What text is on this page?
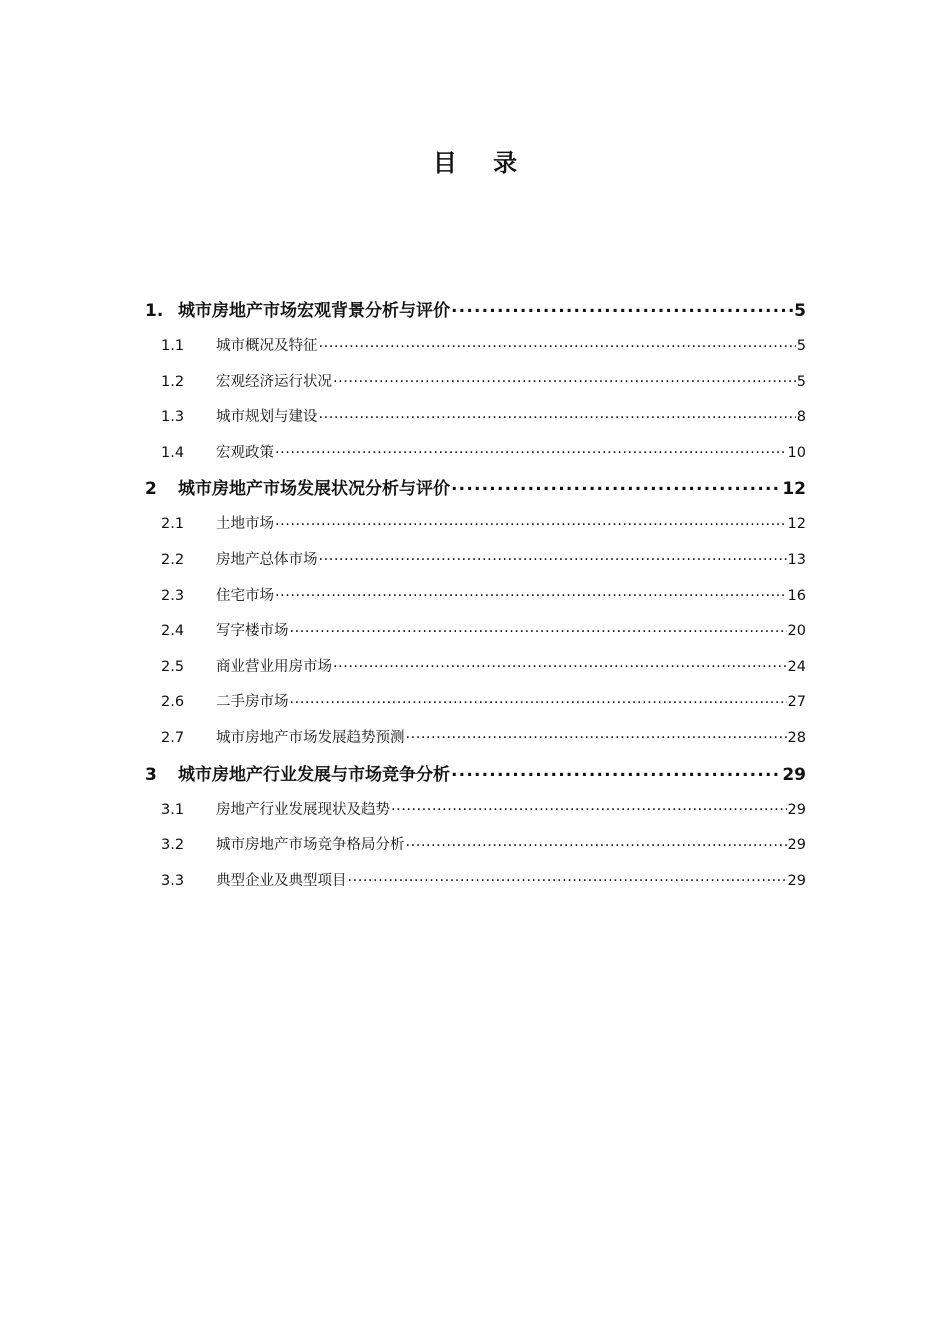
目 录
1. 城市房地产市场宏观背景分析与评价 .....	5
1.1	城市概况及特征 .....	5
1.2	宏观经济运行状况 .....	5
1.3	城市规划与建设 .....	8
1.4	宏观政策 .....	10
2	城市房地产市场发展状况分析与评价 .....	12
2.1	土地市场 .....	12
2.2	房地产总体市场 .....	13
2.3	住宅市场 .....	16
2.4	写字楼市场 .....	20
2.5	商业营业用房市场 .....	24
2.6	二手房市场 .....	27
2.7	城市房地产市场发展趋势预测 .....	28
3	城市房地产行业发展与市场竞争分析 .....	29
3.1	房地产行业发展现状及趋势 .....	29
3.2	城市房地产市场竞争格局分析 .....	29
3.3	典型企业及典型项目 .....	29
